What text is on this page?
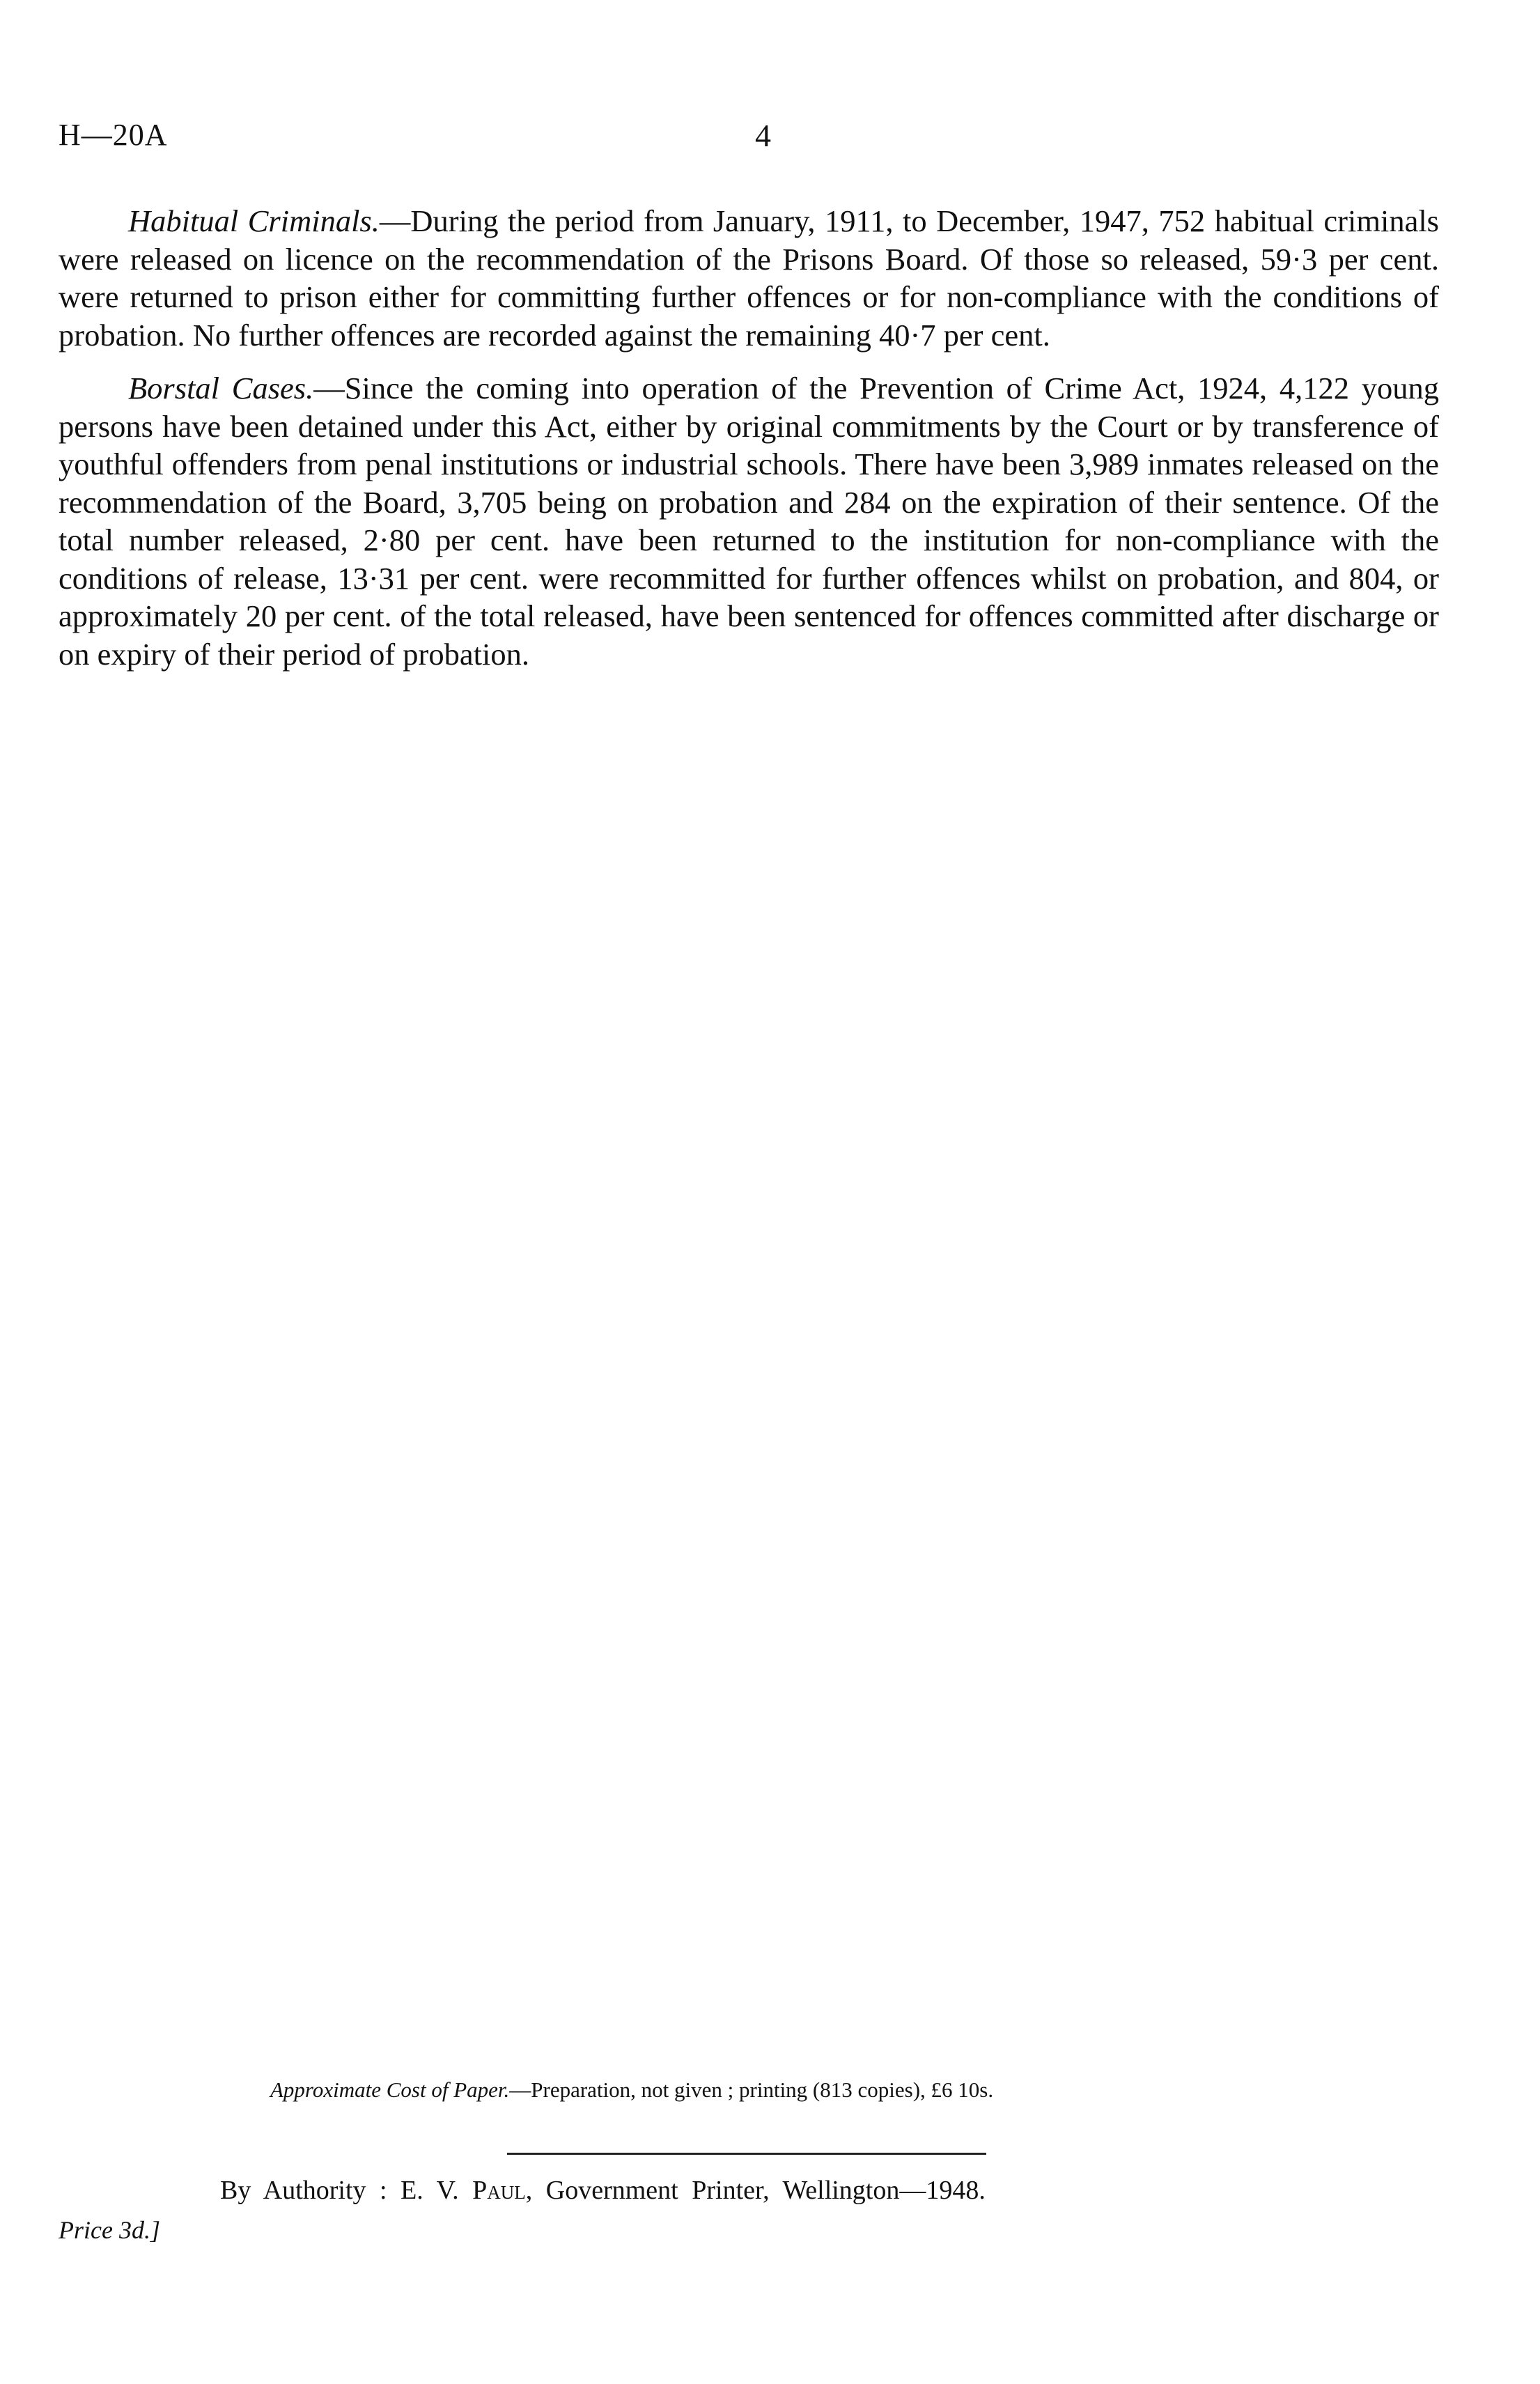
H—20A	4

Habitual Criminals.—During the period from January, 1911, to December, 1947, 752 habitual criminals were released on licence on the recommendation of the Prisons Board. Of those so released, 59·3 per cent. were returned to prison either for committing further offences or for non-compliance with the conditions of probation. No further offences are recorded against the remaining 40·7 per cent.

Borstal Cases.—Since the coming into operation of the Prevention of Crime Act, 1924, 4,122 young persons have been detained under this Act, either by original commitments by the Court or by transference of youthful offenders from penal institutions or industrial schools. There have been 3,989 inmates released on the recommendation of the Board, 3,705 being on probation and 284 on the expiration of their sentence. Of the total number released, 2·80 per cent. have been returned to the institution for non-compliance with the conditions of release, 13·31 per cent. were recommitted for further offences whilst on probation, and 804, or approximately 20 per cent. of the total released, have been sentenced for offences committed after discharge or on expiry of their period of probation.

Approximate Cost of Paper.—Preparation, not given ; printing (813 copies), £6 10s.
By Authority : E. V. Paul, Government Printer, Wellington—1948.
Price 3d.]
